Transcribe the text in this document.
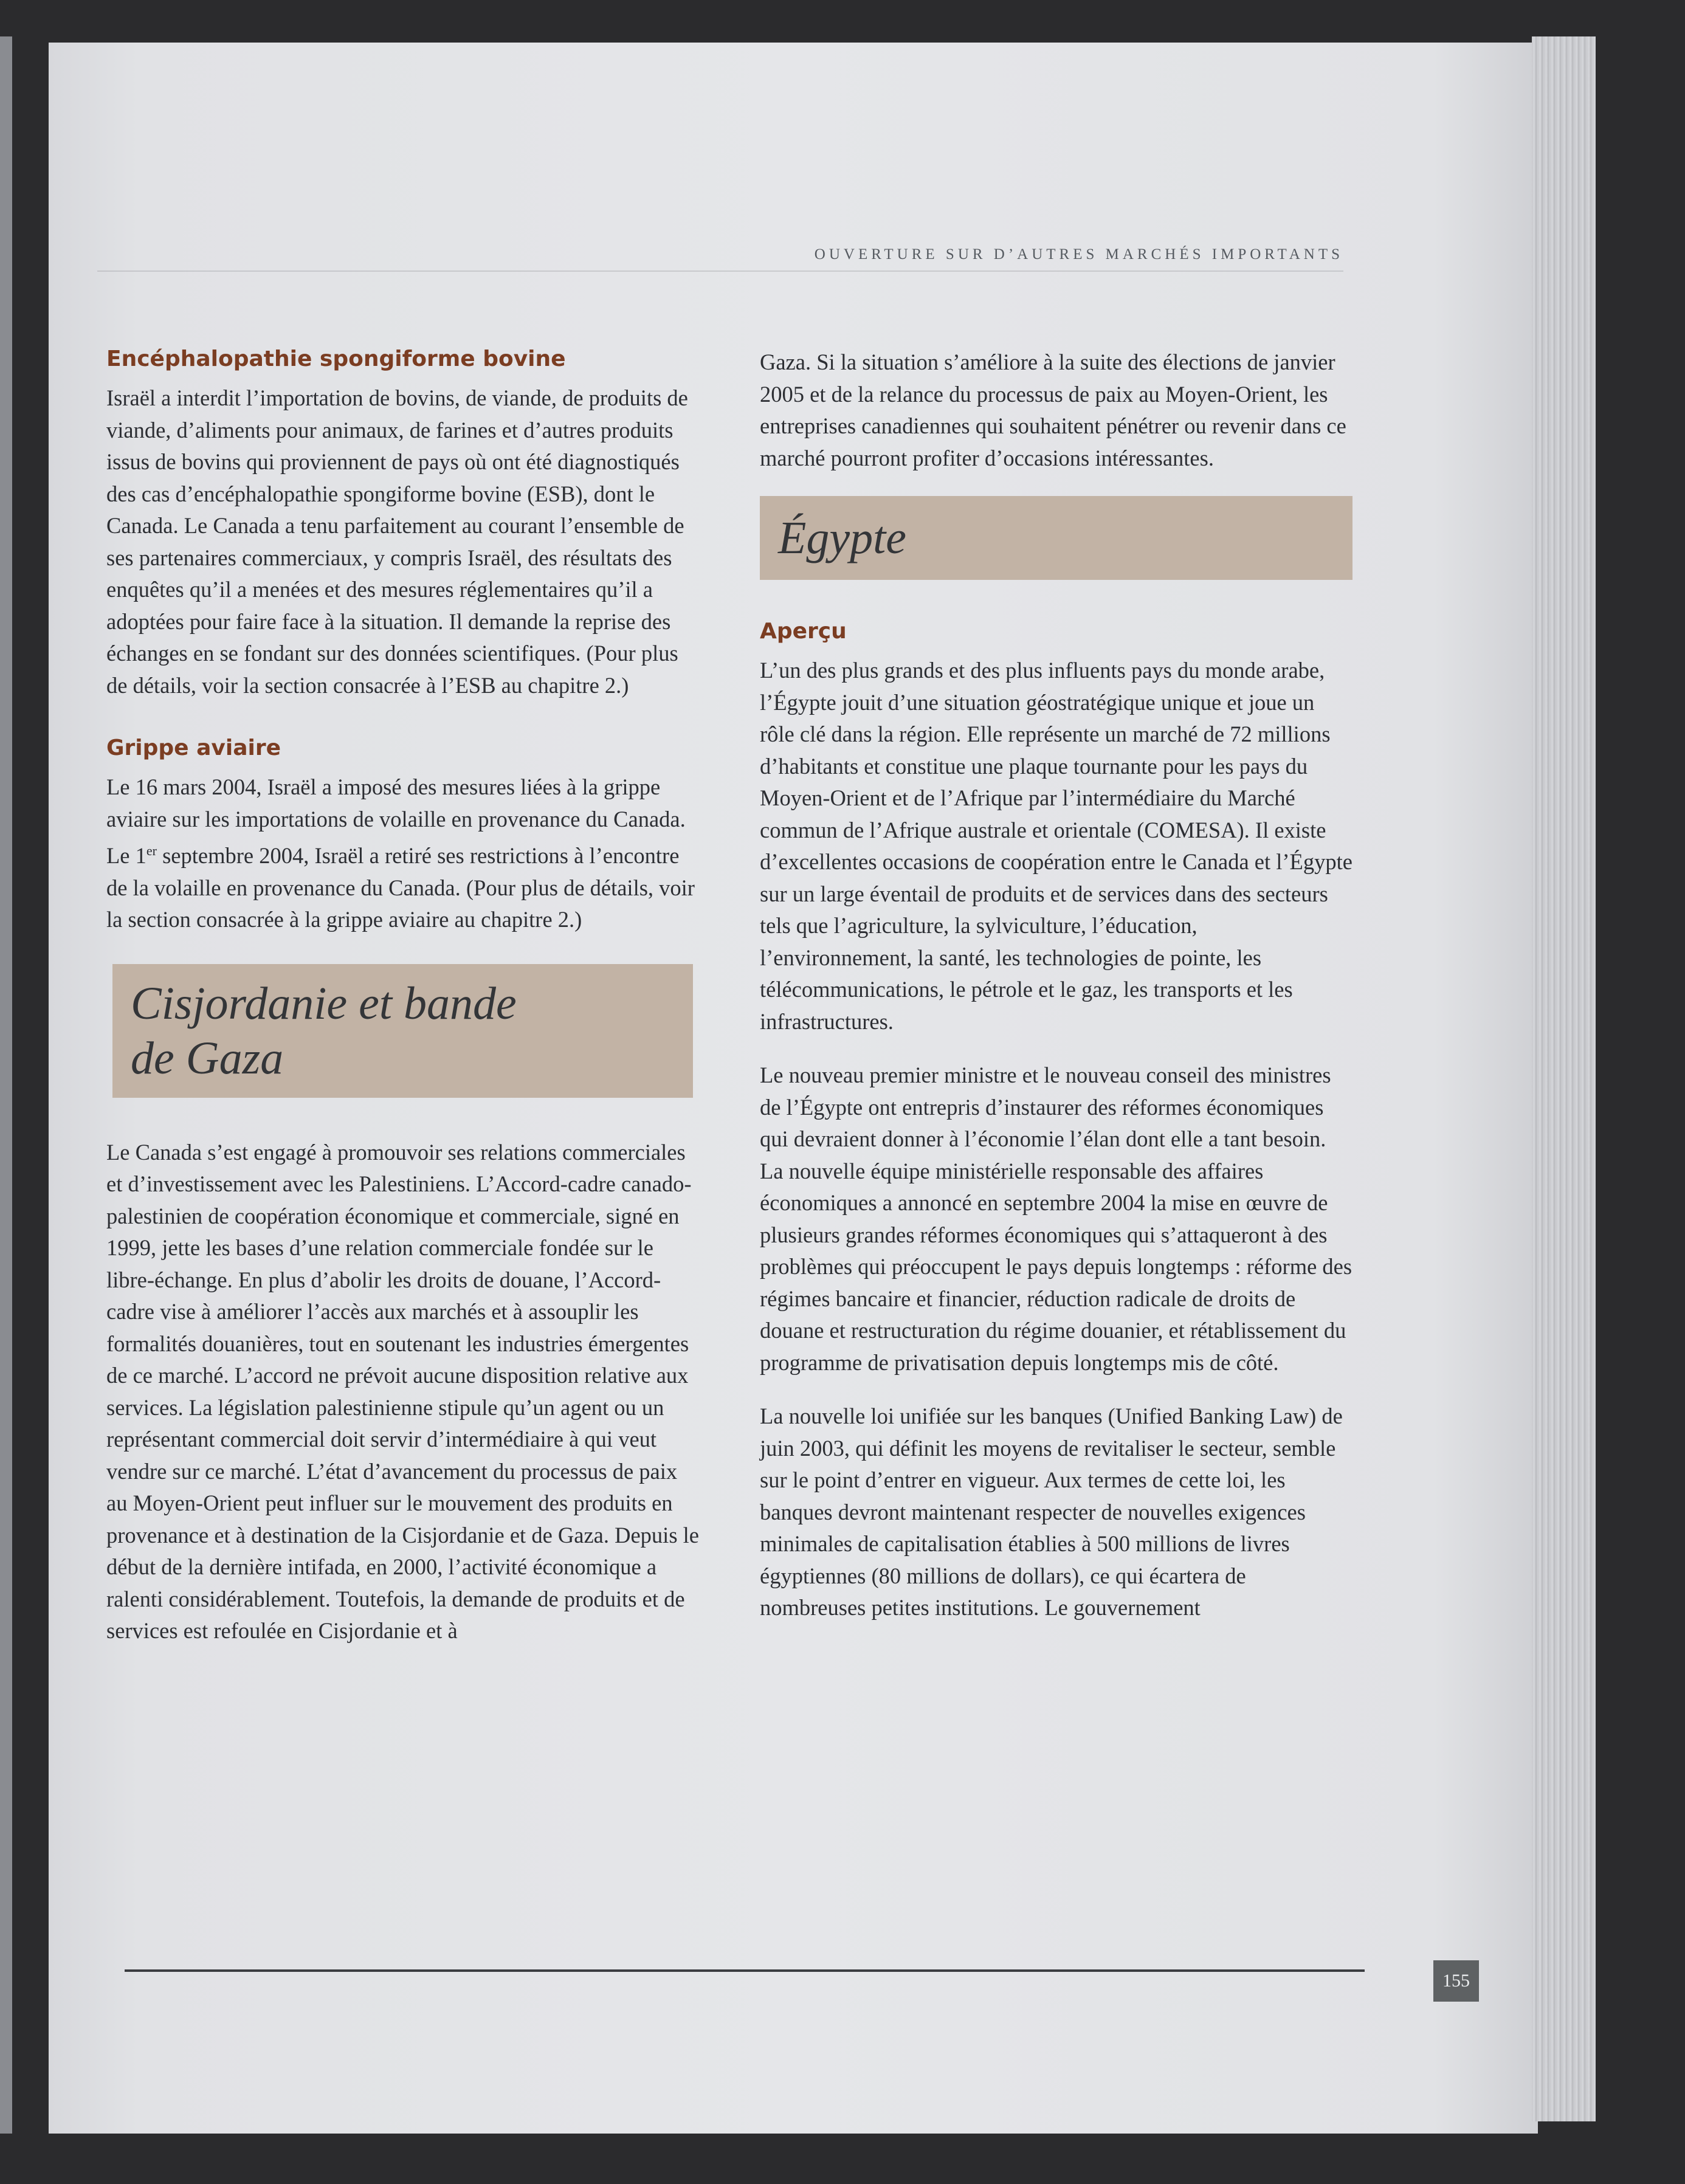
OUVERTURE SUR D’AUTRES MARCHÉS IMPORTANTS
Encéphalopathie spongiforme bovine

Israël a interdit l’importation de bovins, de viande, de produits de viande, d’aliments pour animaux, de farines et d’autres produits issus de bovins qui proviennent de pays où ont été diagnostiqués des cas d’encéphalopathie spongiforme bovine (ESB), dont le Canada. Le Canada a tenu parfaitement au courant l’ensemble de ses partenaires commerciaux, y compris Israël, des résultats des enquêtes qu’il a menées et des mesures réglementaires qu’il a adoptées pour faire face à la situation. Il demande la reprise des échanges en se fondant sur des données scientifiques. (Pour plus de détails, voir la section consacrée à l’ESB au chapitre 2.)

Grippe aviaire

Le 16 mars 2004, Israël a imposé des mesures liées à la grippe aviaire sur les importations de volaille en provenance du Canada. Le 1er septembre 2004, Israël a retiré ses restrictions à l’encontre de la volaille en provenance du Canada. (Pour plus de détails, voir la section consacrée à la grippe aviaire au chapitre 2.)

Cisjordanie et bande
de Gaza

Le Canada s’est engagé à promouvoir ses relations commerciales et d’investissement avec les Palestiniens. L’Accord-cadre canado-palestinien de coopération économique et commerciale, signé en 1999, jette les bases d’une relation commerciale fondée sur le libre-échange. En plus d’abolir les droits de douane, l’Accord-cadre vise à améliorer l’accès aux marchés et à assouplir les formalités douanières, tout en soutenant les industries émergentes de ce marché. L’accord ne prévoit aucune disposition relative aux services. La législation palestinienne stipule qu’un agent ou un représentant commercial doit servir d’intermédiaire à qui veut vendre sur ce marché. L’état d’avancement du processus de paix au Moyen-Orient peut influer sur le mouvement des produits en provenance et à destination de la Cisjordanie et de Gaza. Depuis le début de la dernière intifada, en 2000, l’activité économique a ralenti considérablement. Toutefois, la demande de produits et de services est refoulée en Cisjordanie et à

Gaza. Si la situation s’améliore à la suite des élections de janvier 2005 et de la relance du processus de paix au Moyen-Orient, les entreprises canadiennes qui souhaitent pénétrer ou revenir dans ce marché pourront profiter d’occasions intéressantes.

Égypte
Aperçu

L’un des plus grands et des plus influents pays du monde arabe, l’Égypte jouit d’une situation géostratégique unique et joue un rôle clé dans la région. Elle représente un marché de 72 millions d’habitants et constitue une plaque tournante pour les pays du Moyen-Orient et de l’Afrique par l’intermédiaire du Marché commun de l’Afrique australe et orientale (COMESA). Il existe d’excellentes occasions de coopération entre le Canada et l’Égypte sur un large éventail de produits et de services dans des secteurs tels que l’agriculture, la sylviculture, l’éducation, l’environnement, la santé, les technologies de pointe, les télécommunications, le pétrole et le gaz, les transports et les infrastructures.

Le nouveau premier ministre et le nouveau conseil des ministres de l’Égypte ont entrepris d’instaurer des réformes économiques qui devraient donner à l’économie l’élan dont elle a tant besoin. La nouvelle équipe ministérielle responsable des affaires économiques a annoncé en septembre 2004 la mise en œuvre de plusieurs grandes réformes économiques qui s’attaqueront à des problèmes qui préoccupent le pays depuis longtemps : réforme des régimes bancaire et financier, réduction radicale de droits de douane et restructuration du régime douanier, et rétablissement du programme de privatisation depuis longtemps mis de côté.

La nouvelle loi unifiée sur les banques (Unified Banking Law) de juin 2003, qui définit les moyens de revitaliser le secteur, semble sur le point d’entrer en vigueur. Aux termes de cette loi, les banques devront maintenant respecter de nouvelles exigences minimales de capitalisation établies à 500 millions de livres égyptiennes (80 millions de dollars), ce qui écartera de nombreuses petites institutions. Le gouvernement

155
